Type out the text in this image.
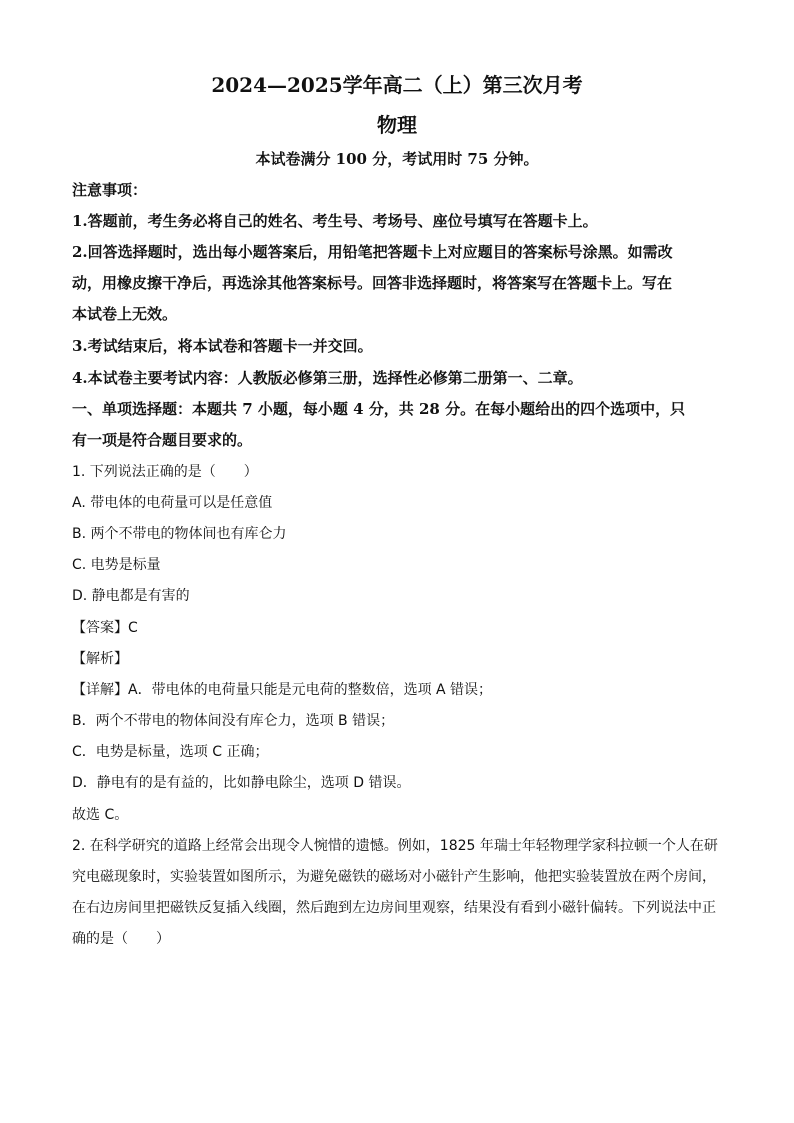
2024—2025学年高二（上）第三次月考
物理
本试卷满分 100 分，考试用时 75 分钟。
注意事项：
1.答题前，考生务必将自己的姓名、考生号、考场号、座位号填写在答题卡上。
2.回答选择题时，选出每小题答案后，用铅笔把答题卡上对应题目的答案标号涂黑。如需改
动，用橡皮擦干净后，再选涂其他答案标号。回答非选择题时，将答案写在答题卡上。写在
本试卷上无效。
3.考试结束后，将本试卷和答题卡一并交回。
4.本试卷主要考试内容：人教版必修第三册，选择性必修第二册第一、二章。
一、单项选择题：本题共 7 小题，每小题 4 分，共 28 分。在每小题给出的四个选项中，只
有一项是符合题目要求的。
1. 下列说法正确的是（　　）
A. 带电体的电荷量可以是任意值
B. 两个不带电的物体间也有库仑力
C. 电势是标量
D. 静电都是有害的
【答案】C
【解析】
【详解】A．带电体的电荷量只能是元电荷的整数倍，选项 A 错误；
B．两个不带电的物体间没有库仑力，选项 B 错误；
C．电势是标量，选项 C 正确；
D．静电有的是有益的，比如静电除尘，选项 D 错误。
故选 C。
2. 在科学研究的道路上经常会出现令人惋惜的遗憾。例如，1825 年瑞士年轻物理学家科拉顿一个人在研
究电磁现象时，实验装置如图所示，为避免磁铁的磁场对小磁针产生影响，他把实验装置放在两个房间，
在右边房间里把磁铁反复插入线圈，然后跑到左边房间里观察，结果没有看到小磁针偏转。下列说法中正
确的是（　　）
